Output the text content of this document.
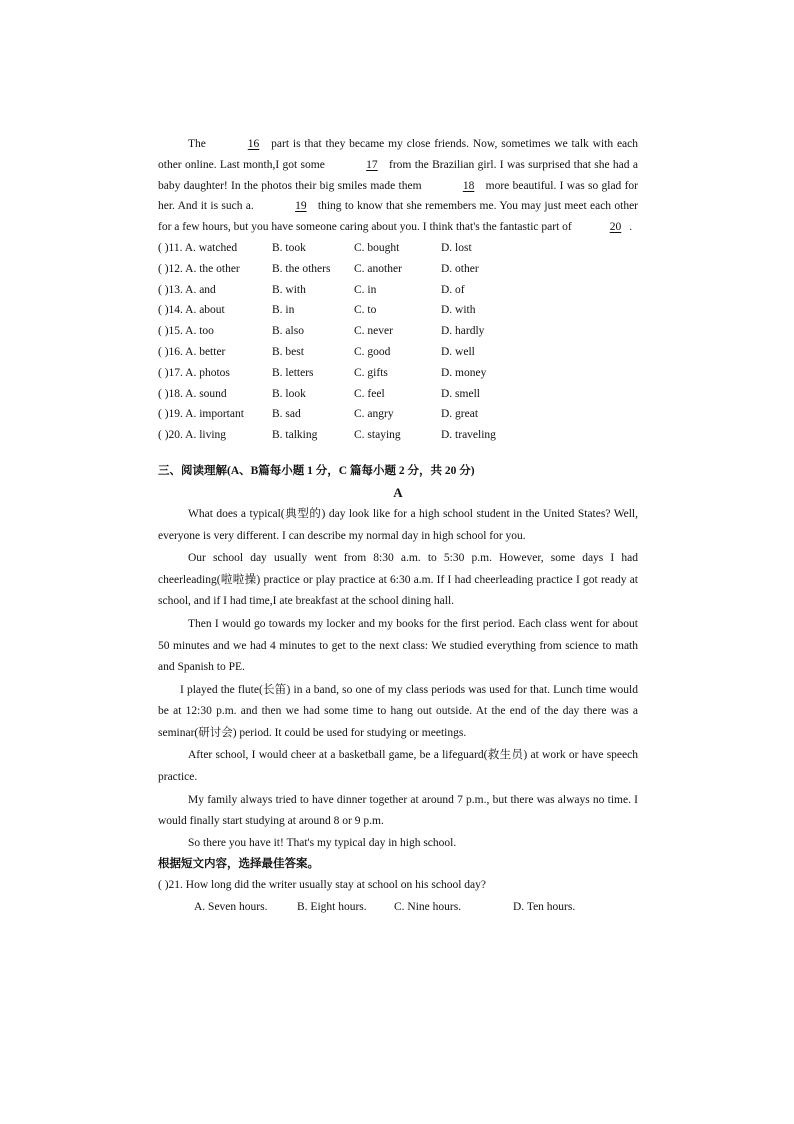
The	16 part is that they became my close friends. Now, sometimes we talk with each other online. Last month,I got some	17 from the Brazilian girl. I was surprised that she had a baby daughter! In the photos their big smiles made them	18 more beautiful. I was so glad for her. And it is such a.	19 thing to know that she remembers me. You may just meet each other for a few hours, but you have someone caring about you. I think that's the fantastic part of	20 .

( )11. A. watched	B. took	C. bought	D. lost
( )12. A. the other	B. the others C. another	D. other
( )13. A. and	B. with	C. in	D. of
( )14. A. about	B. in	C. to	D. with
( )15. A. too	B. also	C. never	D. hardly
( )16. A. better	B. best	C. good	D. well
( )17. A. photos	B. letters	C. gifts	D. money
( )18. A. sound	B. look	C. feel	D. smell
( )19. A. important B. sad	C. angry	D. great
( )20. A. living	B. talking	C. staying	D. traveling
三、阅读理解(A、B篇每小题 1 分，C 篇每小题 2 分，共 20 分)
A

What does a typical(典型的) day look like for a high school student in the United States? Well, everyone is very different. I can describe my normal day in high school for you.

Our school day usually went from 8:30 a.m. to 5:30 p.m. However, some days I had cheerleading(啦啦操) practice or play practice at 6:30 a.m. If I had cheerleading practice I got ready at school, and if I had time,I ate breakfast at the school dining hall.

Then I would go towards my locker and my books for the first period. Each class went for about 50 minutes and we had 4 minutes to get to the next class: We studied everything from science to math and Spanish to PE.

I played the flute(长笛) in a band, so one of my class periods was used for that. Lunch time would be at 12:30 p.m. and then we had some time to hang out outside. At the end of the day there was a seminar(研讨会) period. It could be used for studying or meetings.

After school, I would cheer at a basketball game, be a lifeguard(救生员) at work or have speech practice.

My family always tried to have dinner together at around 7 p.m., but there was always no time. I would finally start studying at around 8 or 9 p.m.

So there you have it! That's my typical day in high school.

根据短文内容，选择最佳答案。
( )21. How long did the writer usually stay at school on his school day?
A. Seven hours.	B. Eight hours. C. Nine hours.	D. Ten hours.
